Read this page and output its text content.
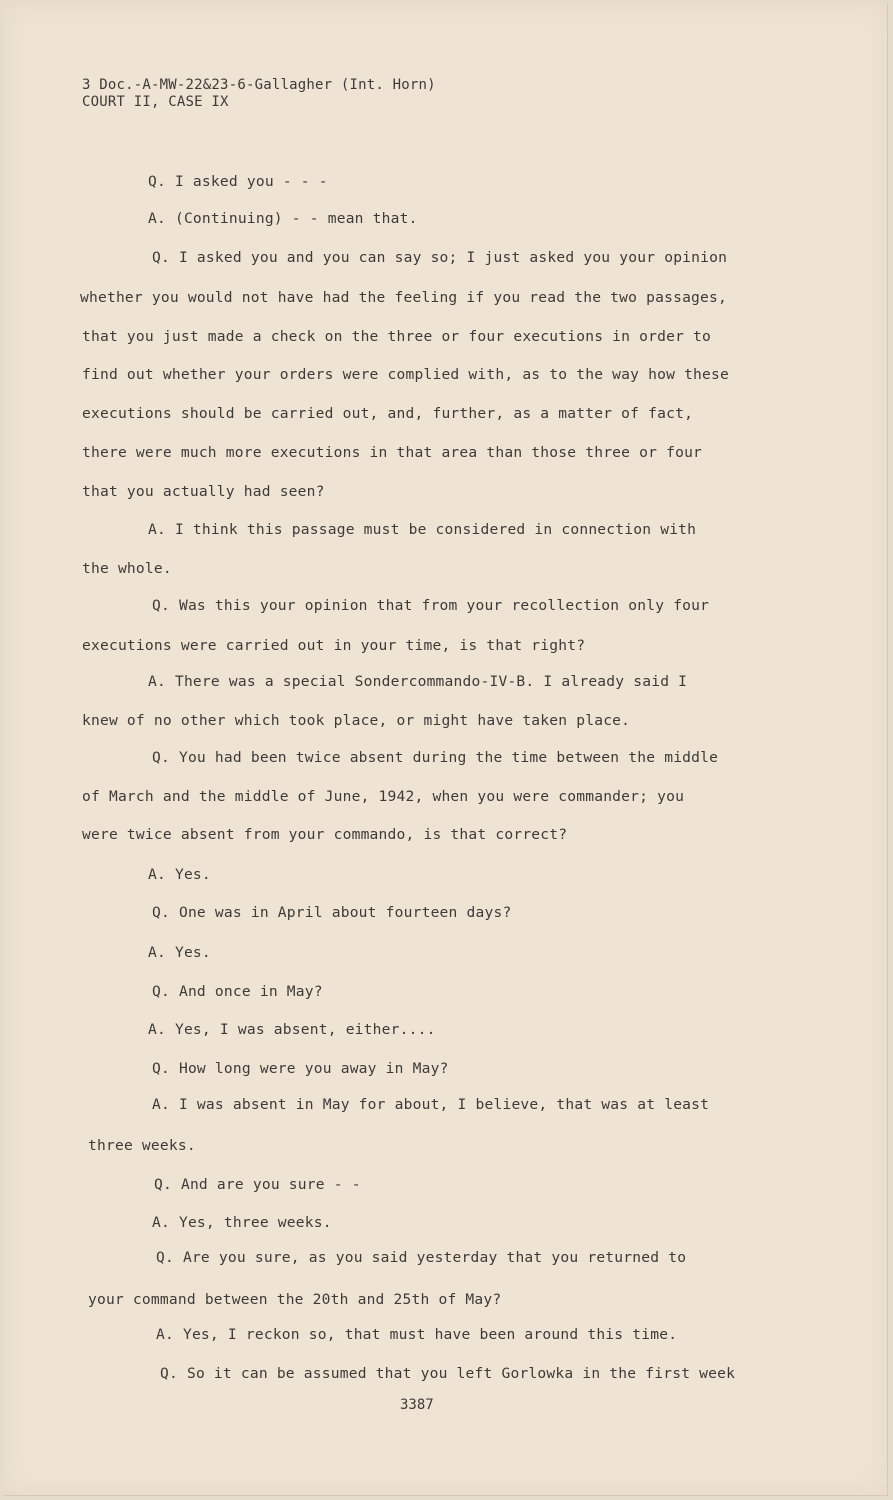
3 Doc.-A-MW-22&23-6-Gallagher (Int. Horn)
COURT II, CASE IX
Q. I asked you - - -
A. (Continuing) - - mean that.
Q. I asked you and you can say so; I just asked you your opinion
whether you would not have had the feeling if you read the two passages,
that you just made a check on the three or four executions in order to
find out whether your orders were complied with, as to the way how these
executions should be carried out, and, further, as a matter of fact,
there were much more executions in that area than those three or four
that you actually had seen?
A. I think this passage must be considered in connection with
the whole.
Q. Was this your opinion that from your recollection only four
executions were carried out in your time, is that right?
A. There was a special Sondercommando-IV-B. I already said I
knew of no other which took place, or might have taken place.
Q. You had been twice absent during the time between the middle
of March and the middle of June, 1942, when you were commander; you
were twice absent from your commando, is that correct?
A. Yes.
Q. One was in April about fourteen days?
A. Yes.
Q. And once in May?
A. Yes, I was absent, either....
Q. How long were you away in May?
A. I was absent in May for about, I believe, that was at least
three weeks.
Q. And are you sure - -
A. Yes, three weeks.
Q. Are you sure, as you said yesterday that you returned to
your command between the 20th and 25th of May?
A. Yes, I reckon so, that must have been around this time.
Q. So it can be assumed that you left Gorlowka in the first week
3387
